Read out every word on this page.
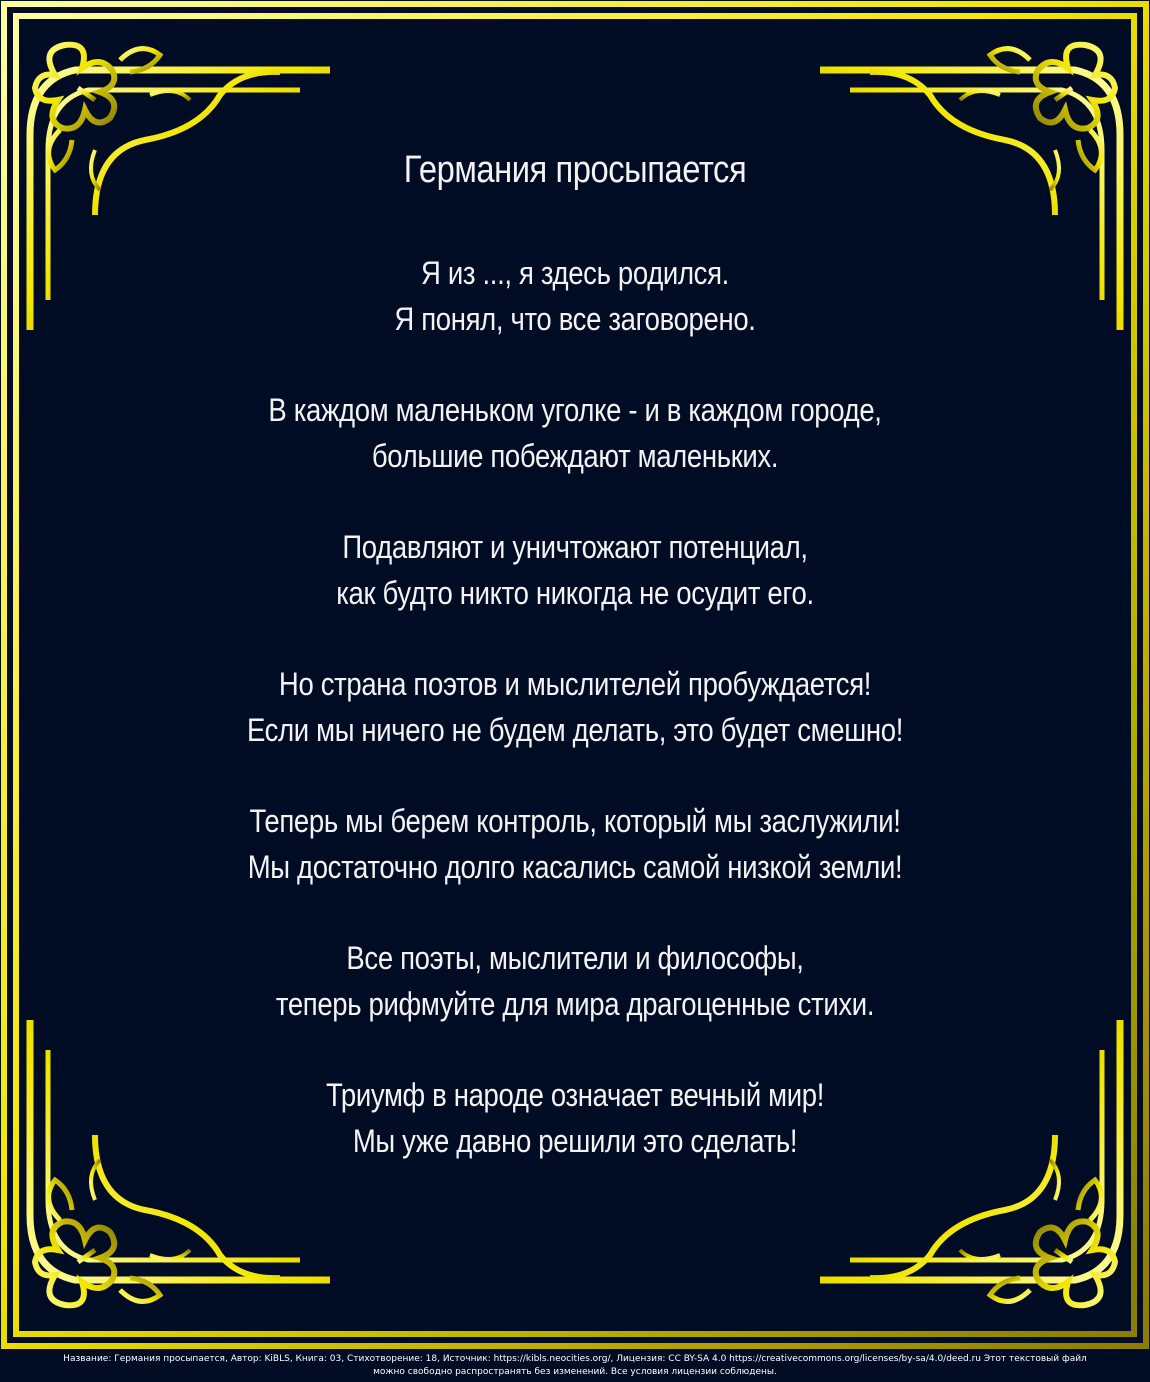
Германия просыпается
Я из ..., я здесь родился.
Я понял, что все заговорено.
В каждом маленьком уголке - и в каждом городе,
большие побеждают маленьких.
Подавляют и уничтожают потенциал,
как будто никто никогда не осудит его.
Но страна поэтов и мыслителей пробуждается!
Если мы ничего не будем делать, это будет смешно!
Теперь мы берем контроль, который мы заслужили!
Мы достаточно долго касались самой низкой земли!
Все поэты, мыслители и философы,
теперь рифмуйте для мира драгоценные стихи.
Триумф в народе означает вечный мир!
Мы уже давно решили это сделать!
Название: Германия просыпается, Автор: KiBLS, Книга: 03, Стихотворение: 18, Источник: https://kibls.neocities.org/, Лицензия: CC BY-SA 4.0 https://creativecommons.org/licenses/by-sa/4.0/deed.ru Этот текстовый файл
можно свободно распространять без изменений. Все условия лицензии соблюдены.
